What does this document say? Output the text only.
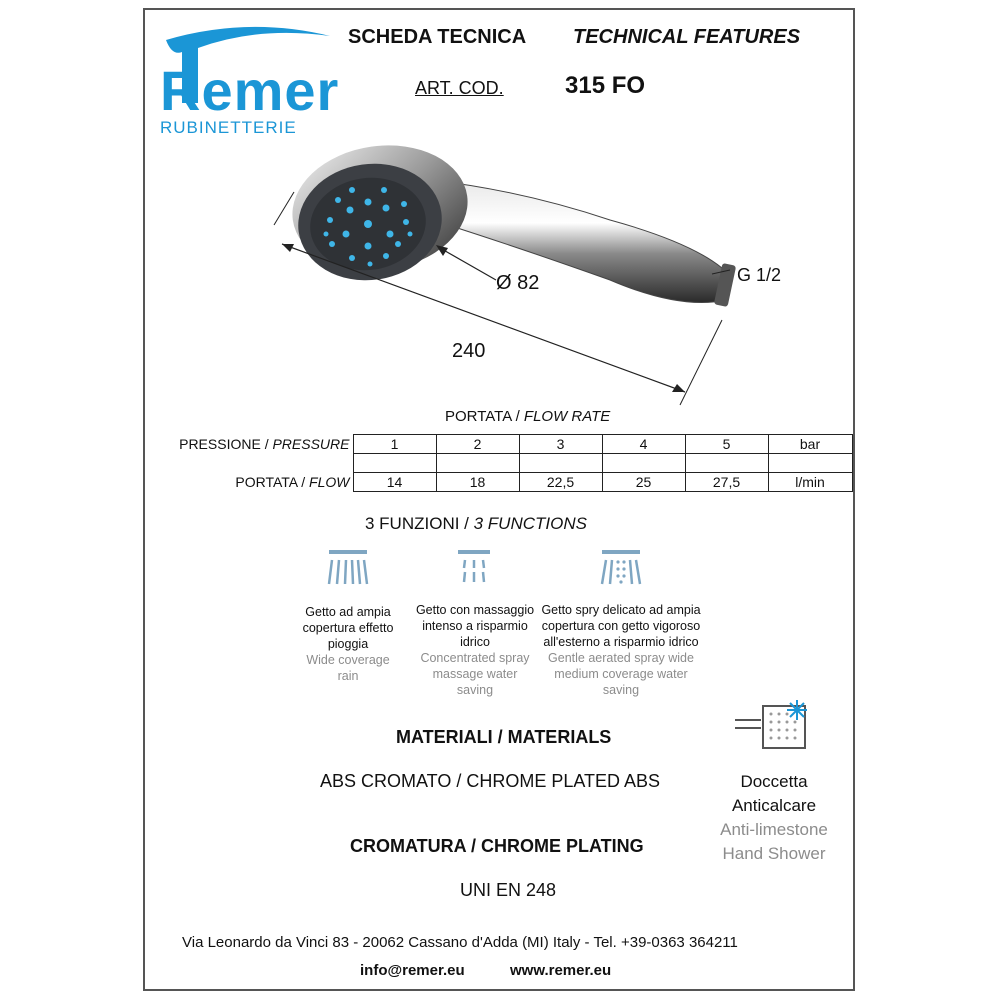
Remer
RUBINETTERIE
SCHEDA TECNICA TECHNICAL FEATURES
ART. COD.	315 FO
Ø 82
240
G 1/2
PORTATA / FLOW RATE
PRESSIONE / PRESSURE	1	2	3	4	5	bar

PORTATA / FLOW	14	18	22,5	25	27,5	l/min
3 FUNZIONI / 3 FUNCTIONS
Getto ad ampia
copertura effetto
pioggia
Wide coverage
rain
Getto con massaggio
intenso a risparmio
idrico
Concentrated spray
massage water
saving
Getto spry delicato ad ampia
copertura con getto vigoroso
all'esterno a risparmio idrico
Gentle aerated spray wide
medium coverage water
saving
MATERIALI / MATERIALS
ABS CROMATO / CHROME PLATED ABS
CROMATURA / CHROME PLATING
UNI EN 248
Doccetta
Anticalcare
Anti-limestone
Hand Shower
Via Leonardo da Vinci 83 - 20062 Cassano d'Adda (MI) Italy - Tel. +39-0363 364211
info@remer.eu	www.remer.eu
